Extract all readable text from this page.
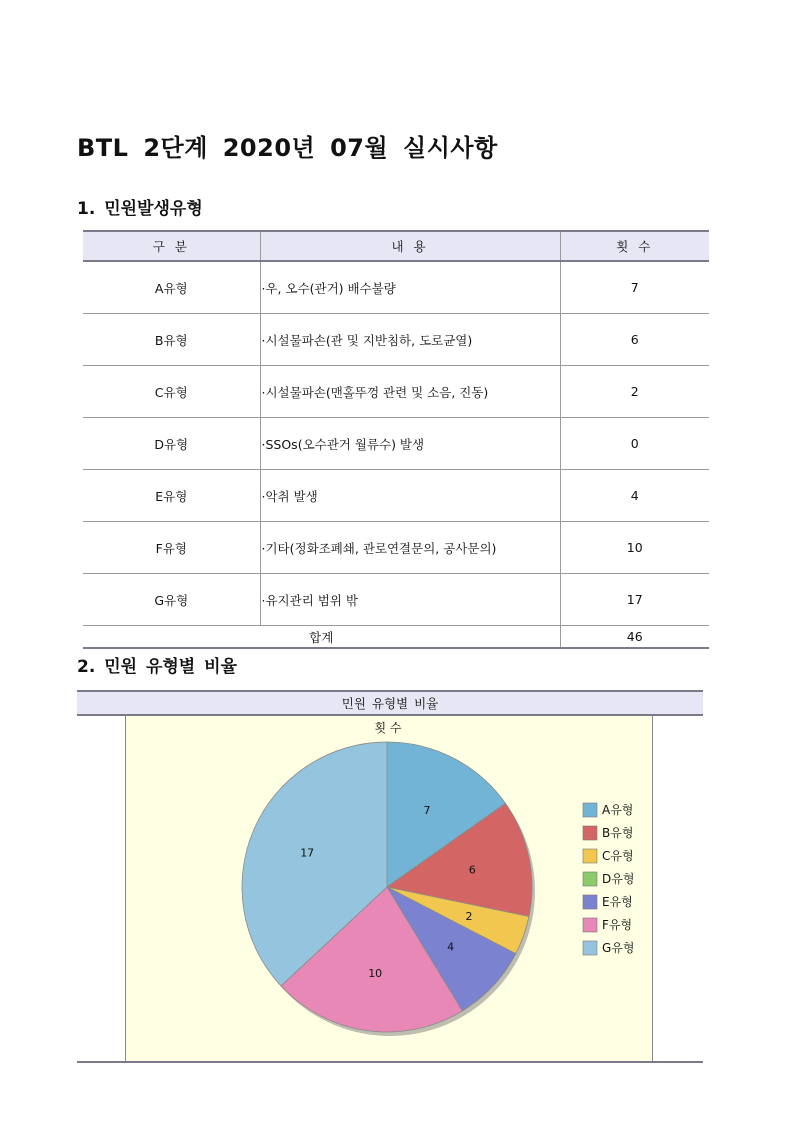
BTL 2단계 2020년 07월 실시사항
1. 민원발생유형
구 분	내 용	횟 수
A유형	·우, 오수(관거) 배수불량	7
B유형	·시설물파손(관 및 지반침하, 도로균열)	6
C유형	·시설물파손(맨홀뚜껑 관련 및 소음, 진동)	2
D유형	·SSOs(오수관거 월류수) 발생	0
E유형	·악취 발생	4
F유형	·기타(정화조폐쇄, 관로연결문의, 공사문의)	10
G유형	·유지관리 범위 밖	17
합계		46
2. 민원 유형별 비율
민원 유형별 비율
횟 수
7
6
2
4
10
17
A유형
B유형
C유형
D유형
E유형
F유형
G유형
